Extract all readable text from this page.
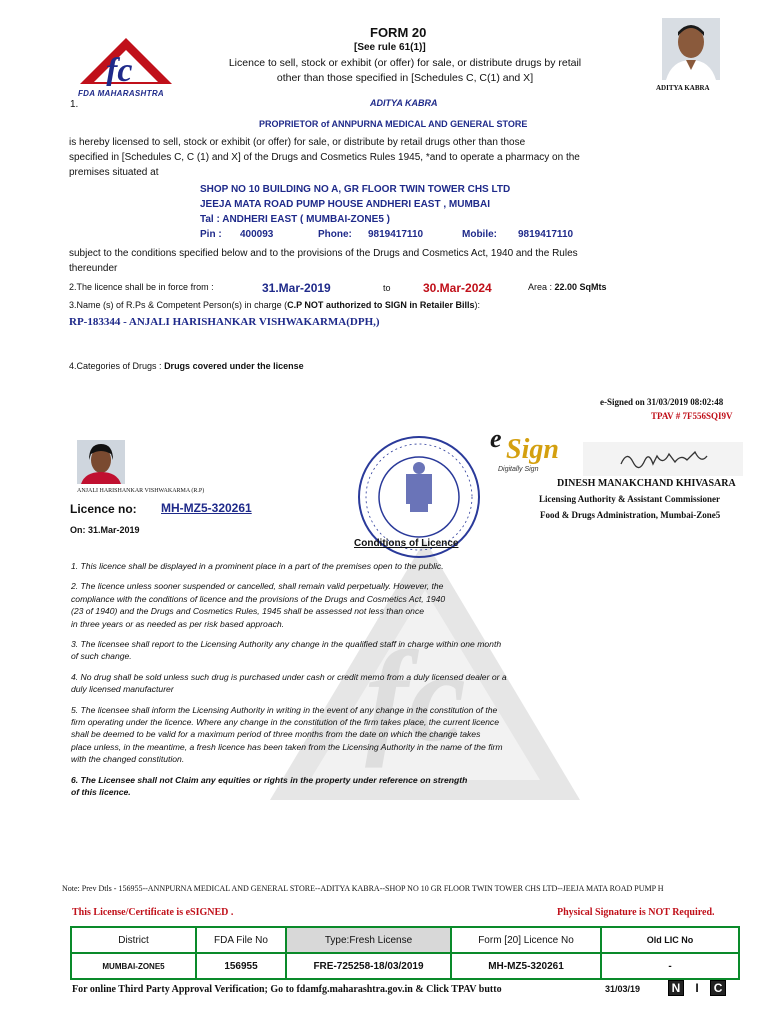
fc
fc
FDA MAHARASHTRA
FORM 20
[See rule 61(1)]
Licence to sell, stock or exhibit (or offer) for sale, or distribute drugs by retail
other than those specified in [Schedules C, C(1) and X]
ADITYA KABRA
1.	ADITYA KABRA
PROPRIETOR of ANNPURNA MEDICAL AND GENERAL STORE
is hereby licensed to sell, stock or exhibit (or offer) for sale, or distribute by retail drugs other than those
specified in [Schedules C, C (1) and X] of the Drugs and Cosmetics Rules 1945, *and to operate a pharmacy on the
premises situated at
SHOP NO 10 BUILDING NO A, GR FLOOR TWIN TOWER CHS LTD
JEEJA MATA ROAD PUMP HOUSE ANDHERI EAST , MUMBAI
Tal : ANDHERI EAST ( MUMBAI-ZONE5 )
Pin : 400093	Phone: 9819417110	Mobile: 9819417110
subject to the conditions specified below and to the provisions of the Drugs and Cosmetics Act, 1940 and the Rules
thereunder
2.The licence shall be in force from :	31.Mar-2019	to	30.Mar-2024	Area : 22.00 SqMts
3.Name (s) of R.Ps & Competent Person(s) in charge (C.P NOT authorized to SIGN in Retailer Bills):
RP-183344 - ANJALI HARISHANKAR VISHWAKARMA(DPH,)
4.Categories of Drugs : Drugs covered under the license
e-Signed on 31/03/2019 08:02:48
TPAV # 7F556SQI9V
ANJALI HARISHANKAR VISHWAKARMA (R.P)
e Sign
Digitally Sign
DINESH MANAKCHAND KHIVASARA
Licensing Authority & Assistant Commissioner
Food & Drugs Administration, Mumbai-Zone5
Licence no: MH-MZ5-320261
On: 31.Mar-2019
Conditions of Licence

1. This licence shall be displayed in a prominent place in a part of the premises open to the public.

2. The licence unless sooner suspended or cancelled, shall remain valid perpetually. However, the

compliance with the conditions of licence and the provisions of the Drugs and Cosmetics Act, 1940

(23 of 1940) and the Drugs and Cosmetics Rules, 1945 shall be assessed not less than once

in three years or as needed as per risk based approach.

3. The licensee shall report to the Licensing Authority any change in the qualified staff in charge within one month

of such change.

4. No drug shall be sold unless such drug is purchased under cash or credit memo from a duly licensed dealer or a

duly licensed manufacturer

5. The licensee shall inform the Licensing Authority in writing in the event of any change in the constitution of the

firm operating under the licence. Where any change in the constitution of the firm takes place, the current licence

shall be deemed to be valid for a maximum period of three months from the date on which the change takes

place unless, in the meantime, a fresh licence has been taken from the Licensing Authority in the name of the firm

with the changed constitution.

6. The Licensee shall not Claim any equities or rights in the property under reference on strength

of this licence.

Note: Prev Dtls - 156955--ANNPURNA MEDICAL AND GENERAL STORE--ADITYA KABRA--SHOP NO 10 GR FLOOR TWIN TOWER CHS LTD--JEEJA MATA ROAD PUMP H
This License/Certificate is eSIGNED .	Physical Signature is NOT Required.
District	FDA File No	Type:Fresh License	Form [20] Licence No	Old LIC No
MUMBAI-ZONE5	156955	FRE-725258-18/03/2019	MH-MZ5-320261	-
For online Third Party Approval Verification; Go to fdamfg.maharashtra.gov.in & Click TPAV butto	31/03/19	N I C
